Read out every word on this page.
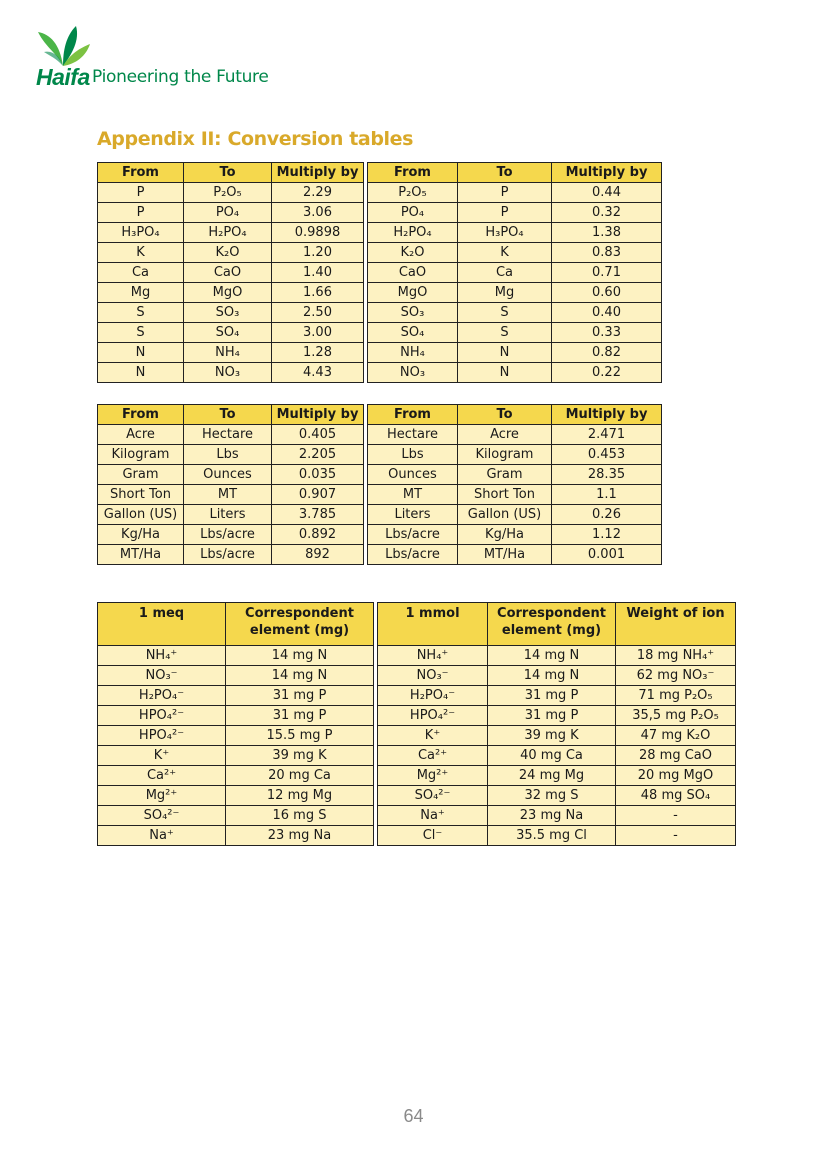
Haifa Pioneering the Future
Appendix II: Conversion tables
From	To	Multiply by		From	To	Multiply by
P	P₂O₅	2.29		P₂O₅	P	0.44
P	PO₄	3.06		PO₄	P	0.32
H₃PO₄	H₂PO₄	0.9898		H₂PO₄	H₃PO₄	1.38
K	K₂O	1.20		K₂O	K	0.83
Ca	CaO	1.40		CaO	Ca	0.71
Mg	MgO	1.66		MgO	Mg	0.60
S	SO₃	2.50		SO₃	S	0.40
S	SO₄	3.00		SO₄	S	0.33
N	NH₄	1.28		NH₄	N	0.82
N	NO₃	4.43		NO₃	N	0.22
From	To	Multiply by		From	To	Multiply by
Acre	Hectare	0.405		Hectare	Acre	2.471
Kilogram	Lbs	2.205		Lbs	Kilogram	0.453
Gram	Ounces	0.035		Ounces	Gram	28.35
Short Ton	MT	0.907		MT	Short Ton	1.1
Gallon (US)	Liters	3.785		Liters	Gallon (US)	0.26
Kg/Ha	Lbs/acre	0.892		Lbs/acre	Kg/Ha	1.12
MT/Ha	Lbs/acre	892		Lbs/acre	MT/Ha	0.001
1 meq	Correspondent element (mg)		1 mmol	Correspondent element (mg)	Weight of ion
NH₄⁺	14 mg N		NH₄⁺	14 mg N	18 mg NH₄⁺
NO₃⁻	14 mg N		NO₃⁻	14 mg N	62 mg NO₃⁻
H₂PO₄⁻	31 mg P		H₂PO₄⁻	31 mg P	71 mg P₂O₅
HPO₄²⁻	31 mg P		HPO₄²⁻	31 mg P	35,5 mg P₂O₅
HPO₄²⁻	15.5 mg P		K⁺	39 mg K	47 mg K₂O
K⁺	39 mg K		Ca²⁺	40 mg Ca	28 mg CaO
Ca²⁺	20 mg Ca		Mg²⁺	24 mg Mg	20 mg MgO
Mg²⁺	12 mg Mg		SO₄²⁻	32 mg S	48 mg SO₄
SO₄²⁻	16 mg S		Na⁺	23 mg Na	-
Na⁺	23 mg Na		Cl⁻	35.5 mg Cl	-
64
